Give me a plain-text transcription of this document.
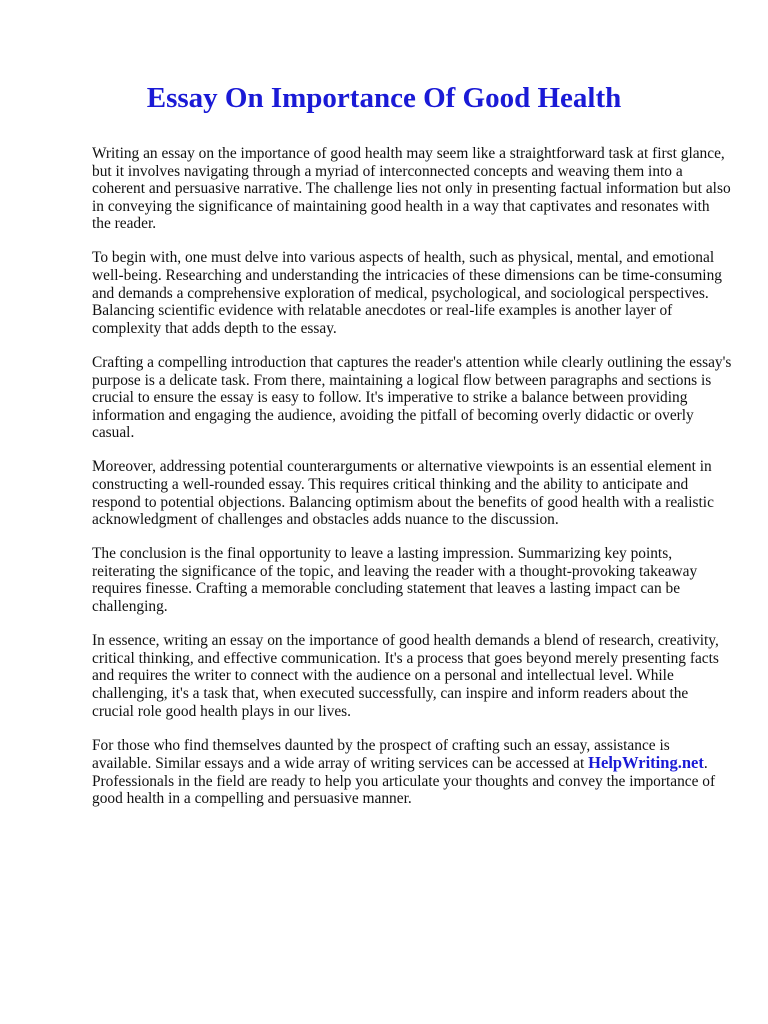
Essay On Importance Of Good Health

Writing an essay on the importance of good health may seem like a straightforward task at first glance, but it involves navigating through a myriad of interconnected concepts and weaving them into a coherent and persuasive narrative. The challenge lies not only in presenting factual information but also in conveying the significance of maintaining good health in a way that captivates and resonates with the reader.

To begin with, one must delve into various aspects of health, such as physical, mental, and emotional well-being. Researching and understanding the intricacies of these dimensions can be time-consuming and demands a comprehensive exploration of medical, psychological, and sociological perspectives. Balancing scientific evidence with relatable anecdotes or real-life examples is another layer of complexity that adds depth to the essay.

Crafting a compelling introduction that captures the reader's attention while clearly outlining the essay's purpose is a delicate task. From there, maintaining a logical flow between paragraphs and sections is crucial to ensure the essay is easy to follow. It's imperative to strike a balance between providing information and engaging the audience, avoiding the pitfall of becoming overly didactic or overly casual.

Moreover, addressing potential counterarguments or alternative viewpoints is an essential element in constructing a well-rounded essay. This requires critical thinking and the ability to anticipate and respond to potential objections. Balancing optimism about the benefits of good health with a realistic acknowledgment of challenges and obstacles adds nuance to the discussion.

The conclusion is the final opportunity to leave a lasting impression. Summarizing key points, reiterating the significance of the topic, and leaving the reader with a thought-provoking takeaway requires finesse. Crafting a memorable concluding statement that leaves a lasting impact can be challenging.

In essence, writing an essay on the importance of good health demands a blend of research, creativity, critical thinking, and effective communication. It's a process that goes beyond merely presenting facts and requires the writer to connect with the audience on a personal and intellectual level. While challenging, it's a task that, when executed successfully, can inspire and inform readers about the crucial role good health plays in our lives.

For those who find themselves daunted by the prospect of crafting such an essay, assistance is available. Similar essays and a wide array of writing services can be accessed at HelpWriting.net. Professionals in the field are ready to help you articulate your thoughts and convey the importance of good health in a compelling and persuasive manner.
